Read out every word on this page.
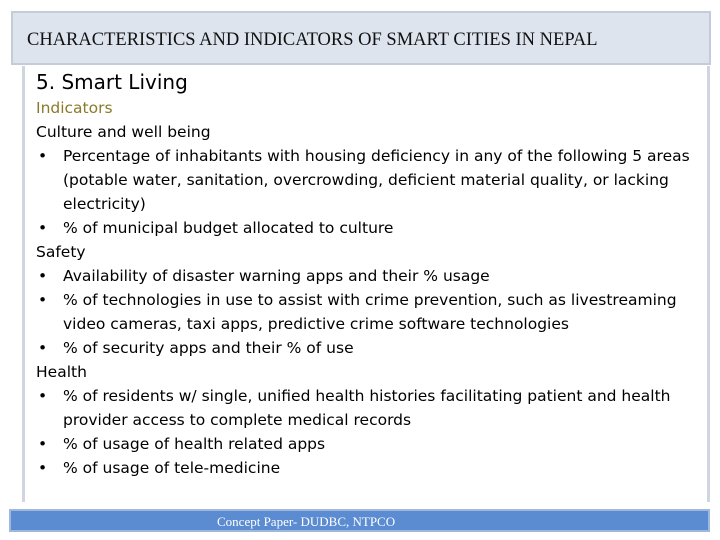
CHARACTERISTICS AND INDICATORS OF SMART CITIES IN NEPAL
5. Smart Living
Indicators
Culture and well being
• Percentage of inhabitants with housing deficiency in any of the following 5 areas (potable water, sanitation, overcrowding, deficient material quality, or lacking electricity)
• % of municipal budget allocated to culture
Safety
• Availability of disaster warning apps and their % usage
• % of technologies in use to assist with crime prevention, such as livestreaming video cameras, taxi apps, predictive crime software technologies
• % of security apps and their % of use
Health
• % of residents w/ single, unified health histories facilitating patient and health provider access to complete medical records
• % of usage of health related apps
• % of usage of tele-medicine
Concept Paper- DUDBC, NTPCO
